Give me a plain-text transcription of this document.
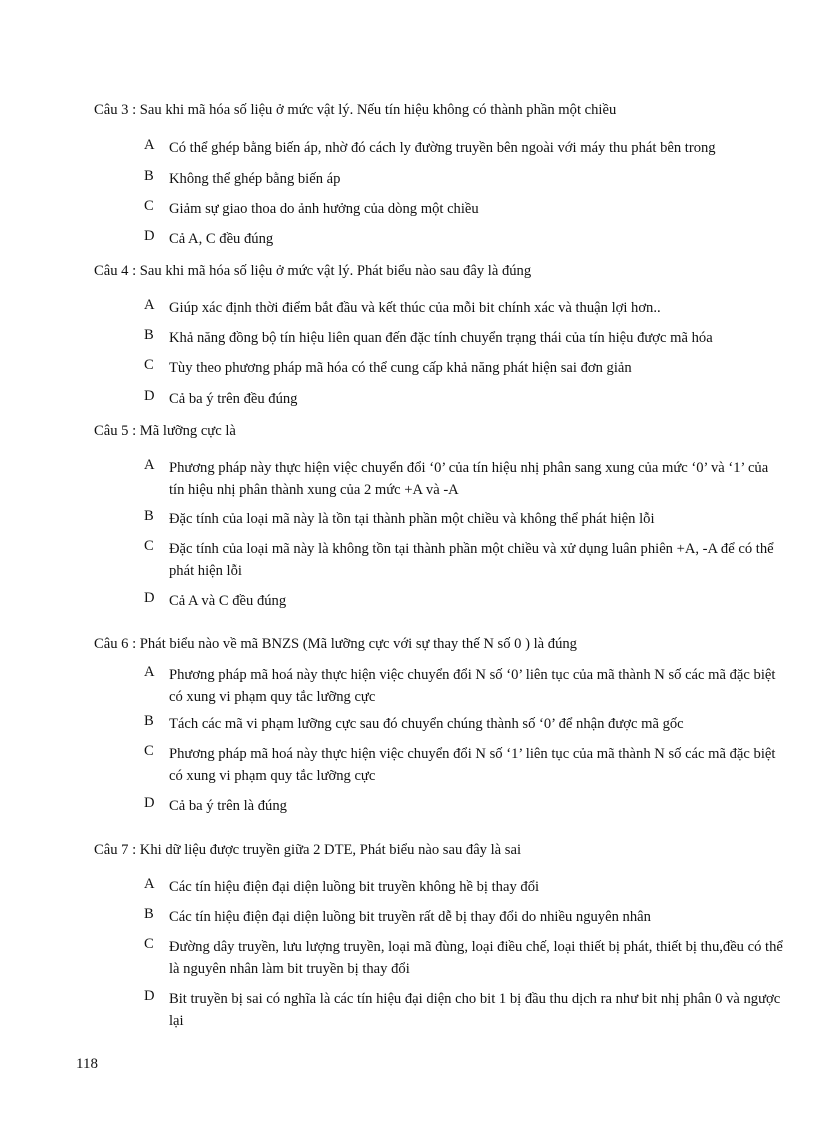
Câu 3 : Sau khi mã hóa số liệu ở mức vật lý. Nếu tín hiệu không có thành phần một chiều
A Có thể ghép bằng biến áp, nhờ đó cách ly đường truyền bên ngoài với máy thu phát bên trong
B Không thể ghép bằng biến áp
C Giảm sự giao thoa do ảnh hưởng của dòng một chiều
D Cả A, C đều đúng
Câu 4 : Sau khi mã hóa số liệu ở mức vật lý. Phát biểu nào sau đây là đúng
A Giúp xác định thời điểm bắt đầu và kết thúc của mỗi bit chính xác và thuận lợi hơn..
B Khả năng đồng bộ tín hiệu liên quan đến đặc tính chuyển trạng thái của tín hiệu được mã hóa
C Tùy theo phương pháp mã hóa có thể cung cấp khả năng phát hiện sai đơn giản
D Cả ba ý trên đều đúng
Câu 5 : Mã lưỡng cực là
A Phương pháp này thực hiện việc chuyển đổi ‘0’ của tín hiệu nhị phân sang xung của mức ‘0’ và ‘1’ của tín hiệu nhị phân thành xung của 2 mức +A và -A
B Đặc tính của loại mã này là tồn tại thành phần một chiều và không thể phát hiện lỗi
C Đặc tính của loại mã này là không tồn tại thành phần một chiều và xử dụng luân phiên +A, -A để có thể phát hiện lỗi
D Cả A và C đều đúng
Câu 6 : Phát biểu nào về mã BNZS (Mã lưỡng cực với sự thay thế N số 0 ) là đúng
A Phương pháp mã hoá này thực hiện việc chuyển đổi N số ‘0’ liên tục của mã thành N số các mã đặc biệt có xung vi phạm quy tắc lưỡng cực
B Tách các mã vi phạm lưỡng cực sau đó chuyển chúng thành số ‘0’ để nhận được mã gốc
C Phương pháp mã hoá này thực hiện việc chuyển đổi N số ‘1’ liên tục của mã thành N số các mã đặc biệt có xung vi phạm quy tắc lưỡng cực
D Cả ba ý trên là đúng
Câu 7 : Khi dữ liệu được truyền giữa 2 DTE, Phát biểu nào sau đây là sai
A Các tín hiệu điện đại diện luồng bit truyền không hề bị thay đổi
B Các tín hiệu điện đại diện luồng bit truyền rất dễ bị thay đổi do nhiều nguyên nhân
C Đường dây truyền, lưu lượng truyền, loại mã đùng, loại điều chế, loại thiết bị phát, thiết bị thu,đều có thể là nguyên nhân làm bit truyền bị thay đổi
D Bit truyền bị sai có nghĩa là các tín hiệu đại diện cho bit 1 bị đầu thu dịch ra như bit nhị phân 0 và ngược lại
118
